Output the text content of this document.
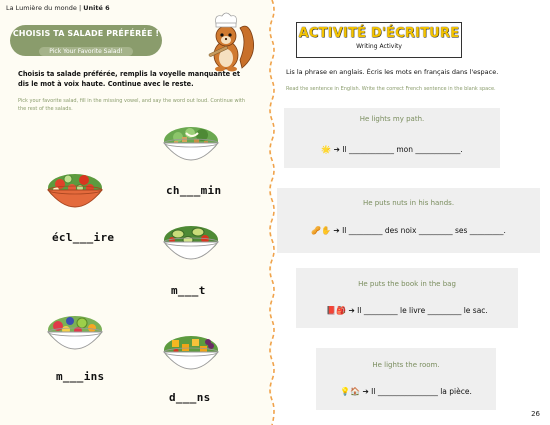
La Lumière du monde | Unité 6
CHOISIS TA SALADE PRÉFÉRÉE !
Pick Your Favorite Salad!
Choisis ta salade préférée, remplis la voyelle manquante et dis le mot à voix haute. Continue avec le reste.
Pick your favorite salad, fill in the missing vowel, and say the word out loud. Continue with the rest of the salads.
ch___min
écl___ire
m___t
m___ins
d___ns
ACTIVITÉ D'ÉCRITURE
Writing Activity
Lis la phrase en anglais. Écris les mots en français dans l'espace.
Read the sentence in English. Write the correct French sentence in the blank space.
He lights my path.
🌟 ➔ Il ____________ mon ____________.
He puts nuts in his hands.
🥜✋ ➔ Il _________ des noix _________ ses _________.
He puts the book in the bag
📕🎒 ➔ Il _________ le livre _________ le sac.
He lights the room.
💡🏠 ➔ Il ________________ la pièce.
26
